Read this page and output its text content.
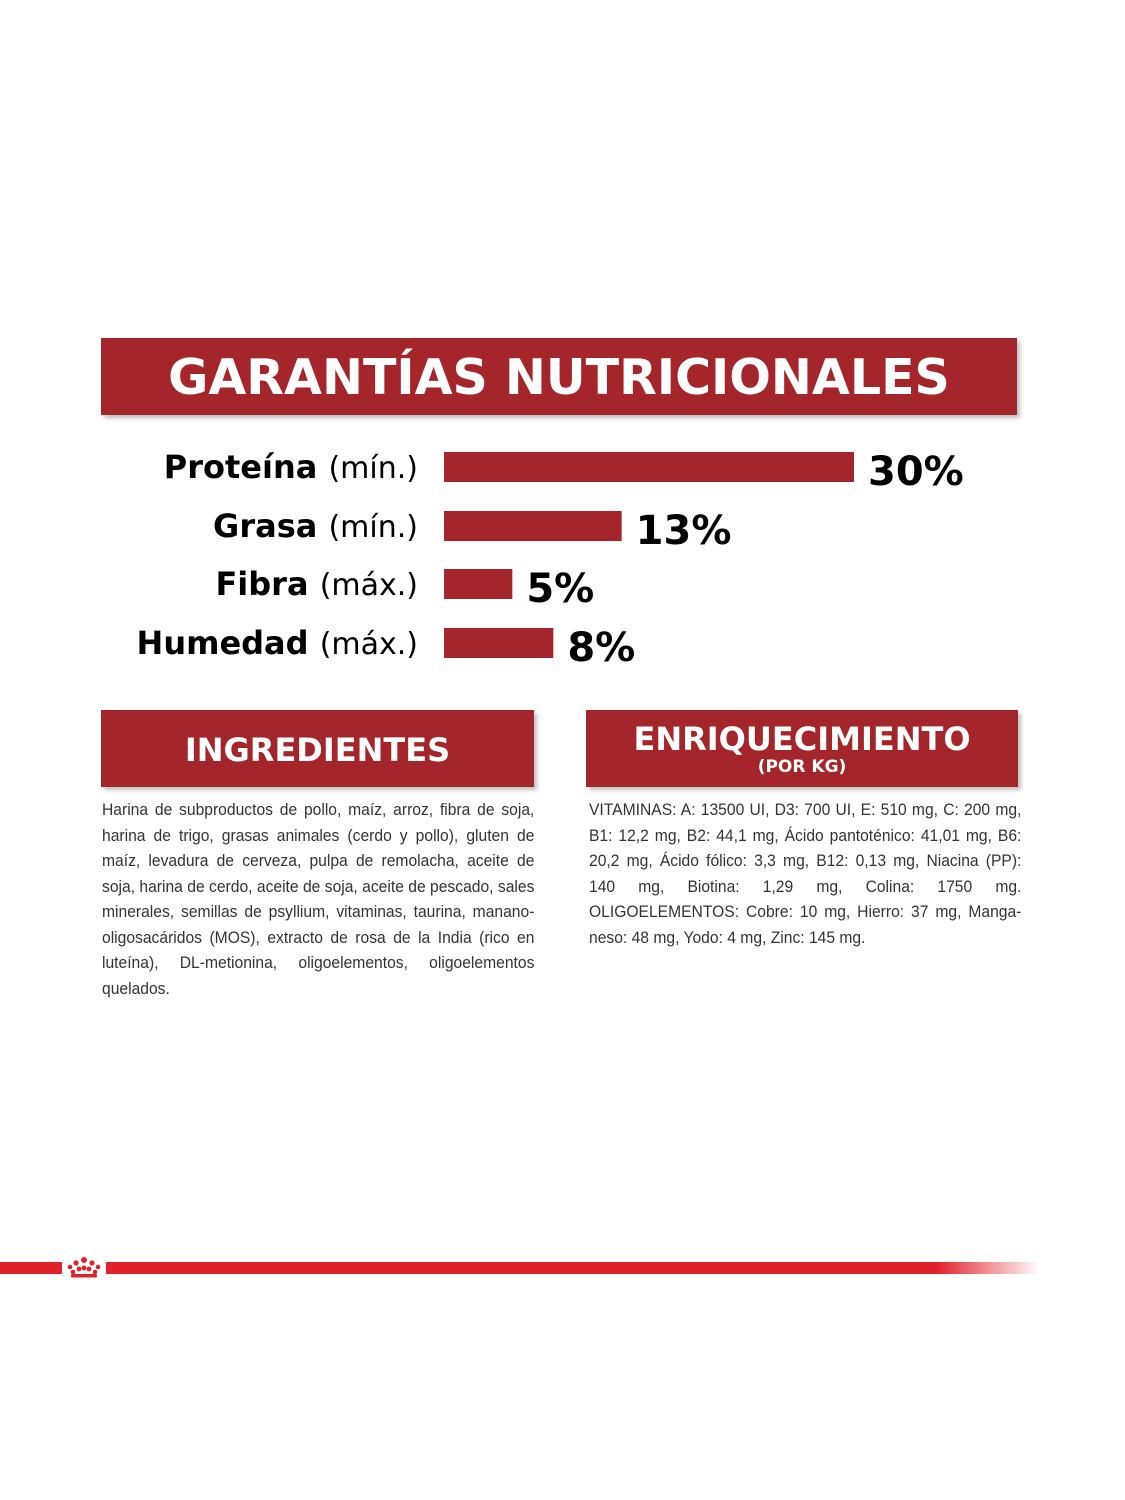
GARANTÍAS NUTRICIONALES
Proteína (mín.)	30%
Grasa (mín.)	13%
Fibra (máx.)	5%
Humedad (máx.)	8%
INGREDIENTES	ENRIQUECIMIENTO
(POR KG)
Harina de subproductos de pollo, maíz, arroz, fibra de soja, harina de trigo, grasas animales (cerdo y pollo), gluten de maíz, levadura de cerveza, pulpa de remolacha, aceite de soja, harina de cerdo, aceite de soja, aceite de pescado, sales minerales, semillas de psyllium, vitaminas, taurina, manano-oligosacáridos (MOS), extracto de rosa de la India (rico en luteína), DL-metionina, oligoelementos, oligoelementos quelados.
VITAMINAS: A: 13500 UI, D3: 700 UI, E: 510 mg, C: 200 mg, B1: 12,2 mg, B2: 44,1 mg, Ácido pantoténico: 41,01 mg, B6: 20,2 mg, Ácido fólico: 3,3 mg, B12: 0,13 mg, Niacina (PP): 140 mg, Biotina: 1,29 mg, Colina: 1750 mg. OLIGOELEMENTOS: Cobre: 10 mg, Hierro: 37 mg, Manga-neso: 48 mg, Yodo: 4 mg, Zinc: 145 mg.
